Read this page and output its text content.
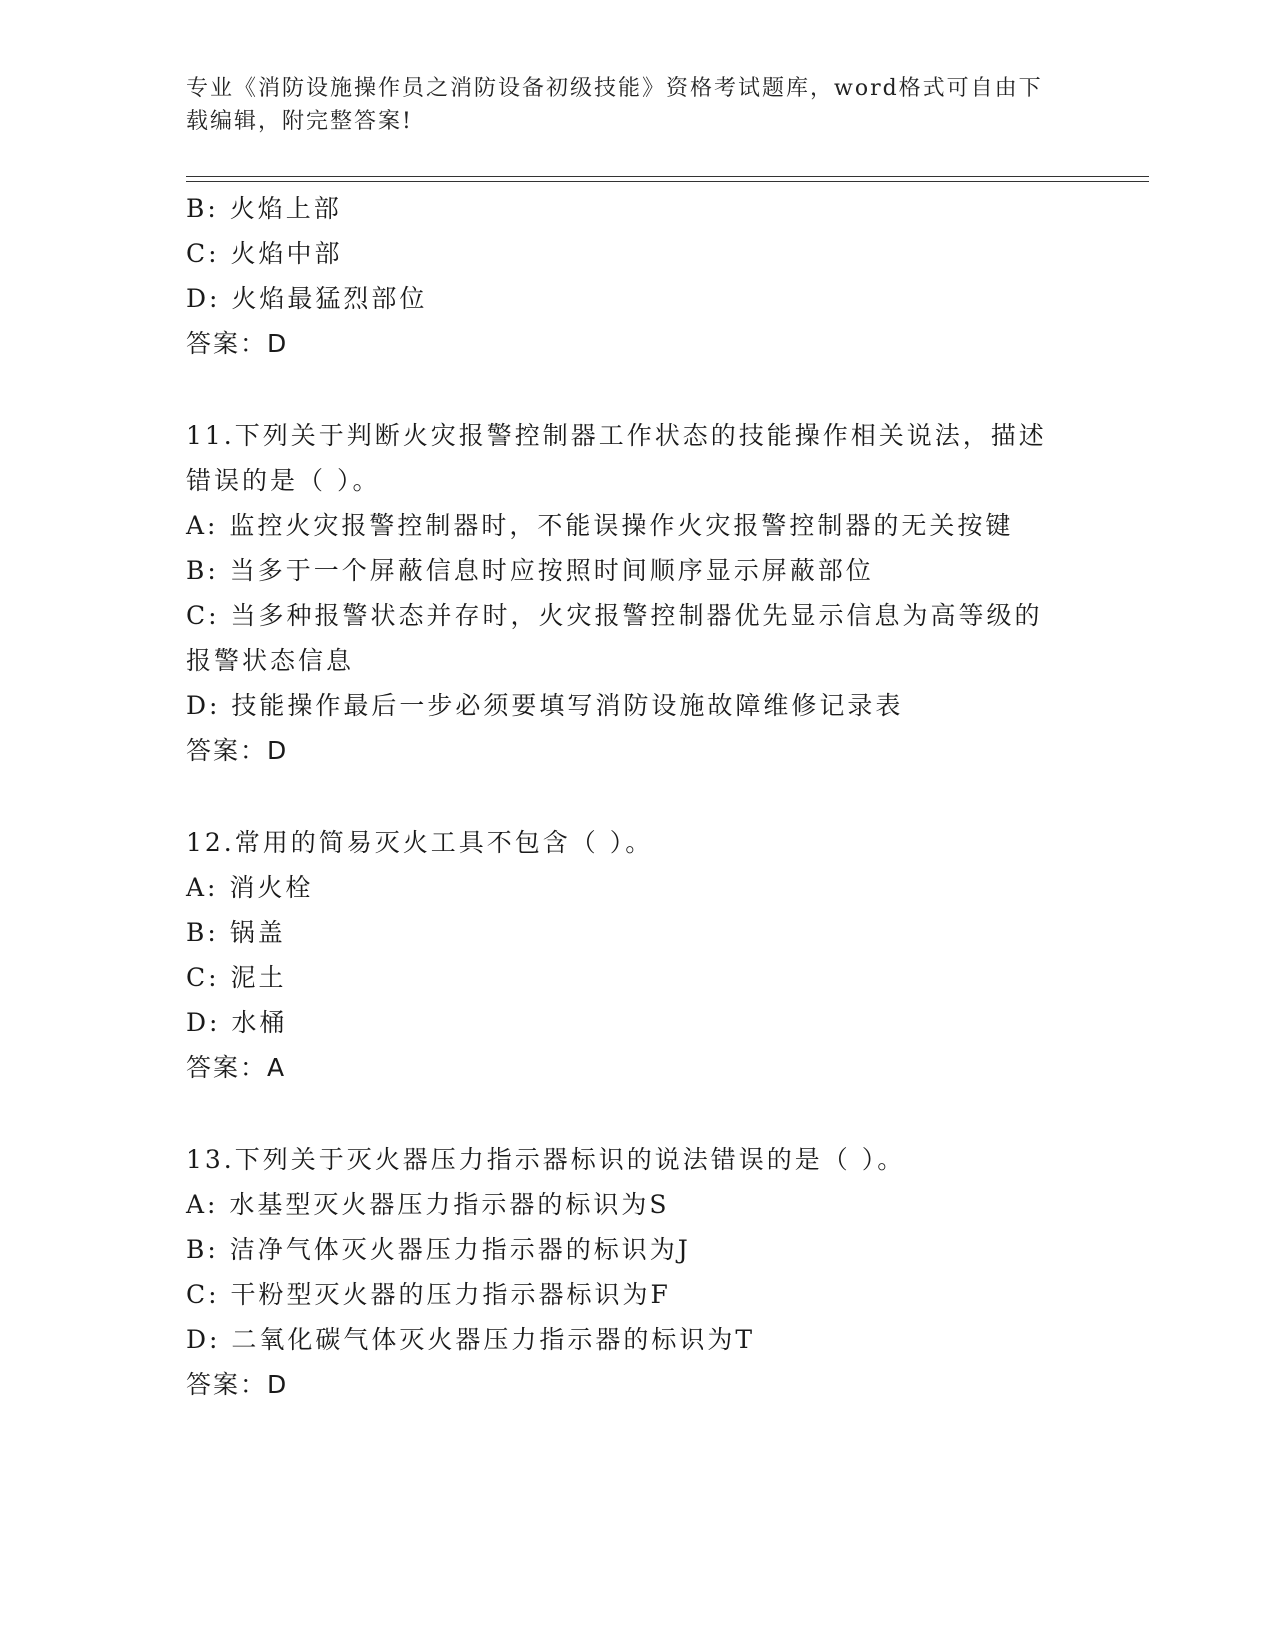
专业《消防设施操作员之消防设备初级技能》资格考试题库，word格式可自由下
载编辑，附完整答案!
B: 火焰上部
C: 火焰中部
D: 火焰最猛烈部位
答案：D
11.下列关于判断火灾报警控制器工作状态的技能操作相关说法，描述
错误的是（ ）。
A: 监控火灾报警控制器时，不能误操作火灾报警控制器的无关按键
B: 当多于一个屏蔽信息时应按照时间顺序显示屏蔽部位
C: 当多种报警状态并存时，火灾报警控制器优先显示信息为高等级的
报警状态信息
D: 技能操作最后一步必须要填写消防设施故障维修记录表
答案：D
12.常用的简易灭火工具不包含（ ）。
A: 消火栓
B: 锅盖
C: 泥土
D: 水桶
答案：A
13.下列关于灭火器压力指示器标识的说法错误的是（ ）。
A: 水基型灭火器压力指示器的标识为S
B: 洁净气体灭火器压力指示器的标识为J
C: 干粉型灭火器的压力指示器标识为F
D: 二氧化碳气体灭火器压力指示器的标识为T
答案：D
